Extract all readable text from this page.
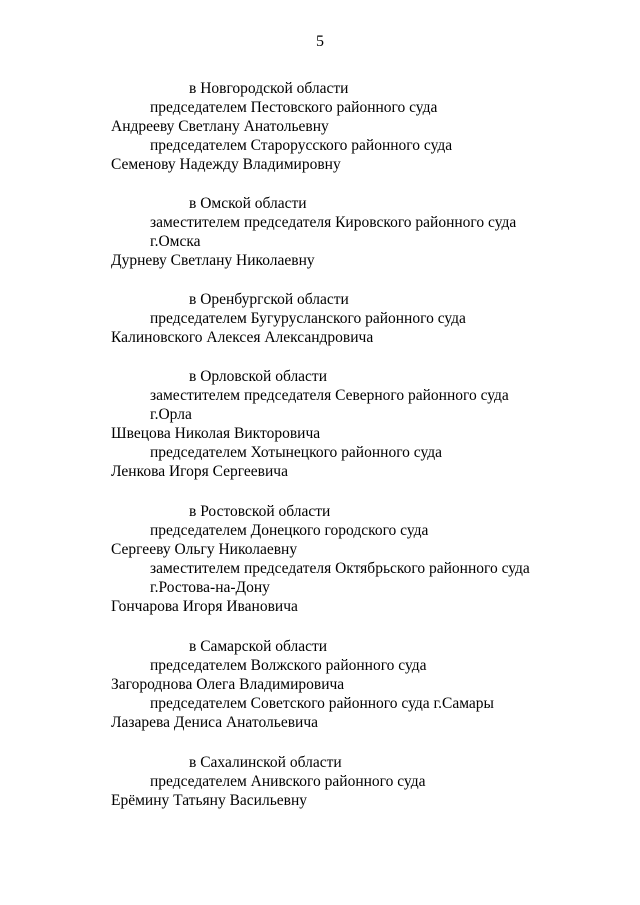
5
в Новгородской области
председателем Пестовского районного суда
Андрееву Светлану Анатольевну
председателем Старорусского районного суда
Семенову Надежду Владимировну
в Омской области
заместителем председателя Кировского районного суда
г.Омска
Дурневу Светлану Николаевну
в Оренбургской области
председателем Бугурусланского районного суда
Калиновского Алексея Александровича
в Орловской области
заместителем председателя Северного районного суда
г.Орла
Швецова Николая Викторовича
председателем Хотынецкого районного суда
Ленкова Игоря Сергеевича
в Ростовской области
председателем Донецкого городского суда
Сергееву Ольгу Николаевну
заместителем председателя Октябрьского районного суда
г.Ростова-на-Дону
Гончарова Игоря Ивановича
в Самарской области
председателем Волжского районного суда
Загороднова Олега Владимировича
председателем Советского районного суда г.Самары
Лазарева Дениса Анатольевича
в Сахалинской области
председателем Анивского районного суда
Ерёмину Татьяну Васильевну
